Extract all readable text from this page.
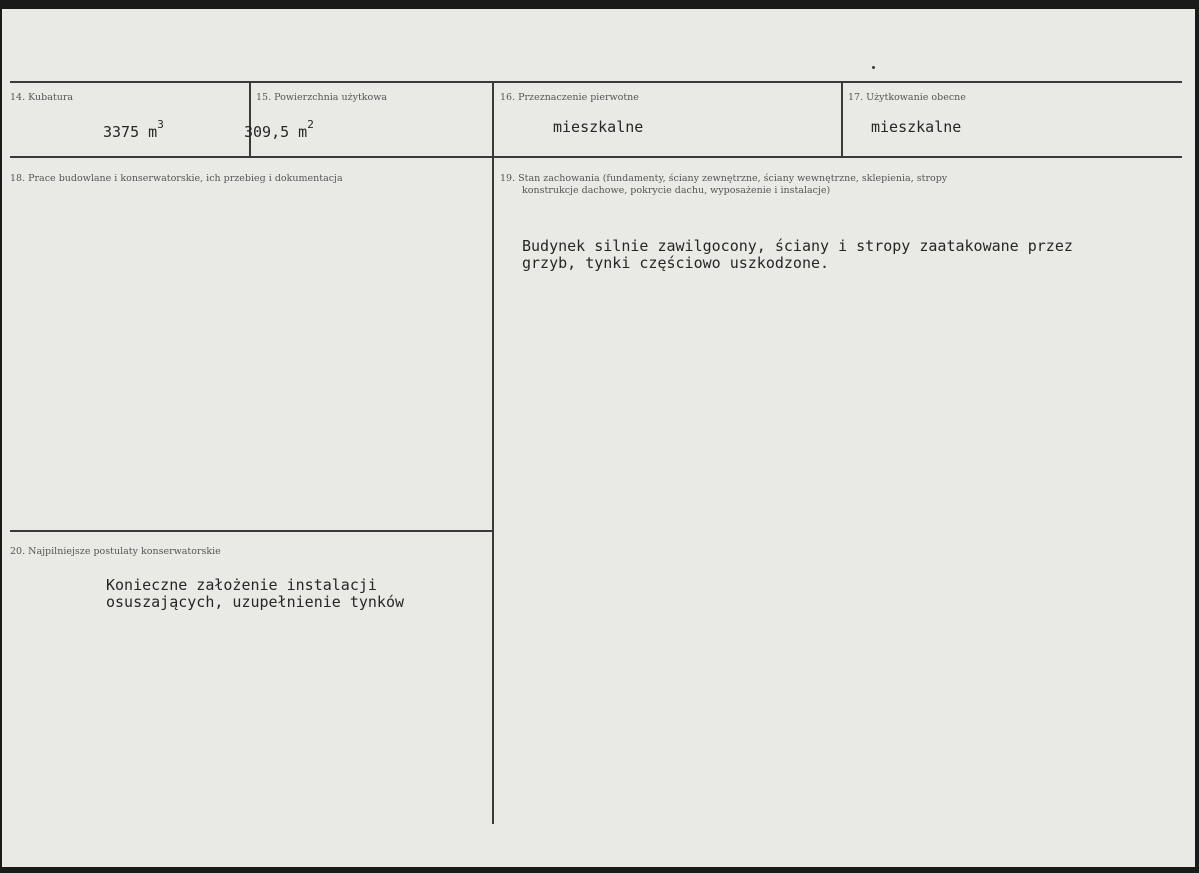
14. Kubatura
3375 $m^3$
15. Powierzchnia użytkowa
309,5 $m^2$
16. Przeznaczenie pierwotne
mieszkalne
17. Użytkowanie obecne
mieszkalne
18. Prace budowlane i konserwatorskie, ich przebieg i dokumentacja	19. Stan zachowania (fundamenty, ściany zewnętrzne, ściany wewnętrzne, sklepienia, stropy
konstrukcje dachowe, pokrycie dachu, wyposażenie i instalacje)
Budynek silnie zawilgocony, ściany i stropy zaatakowane przez
grzyb, tynki częściowo uszkodzone.
20. Najpilniejsze postulaty konserwatorskie
Konieczne założenie instalacji
osuszających, uzupełnienie tynków
